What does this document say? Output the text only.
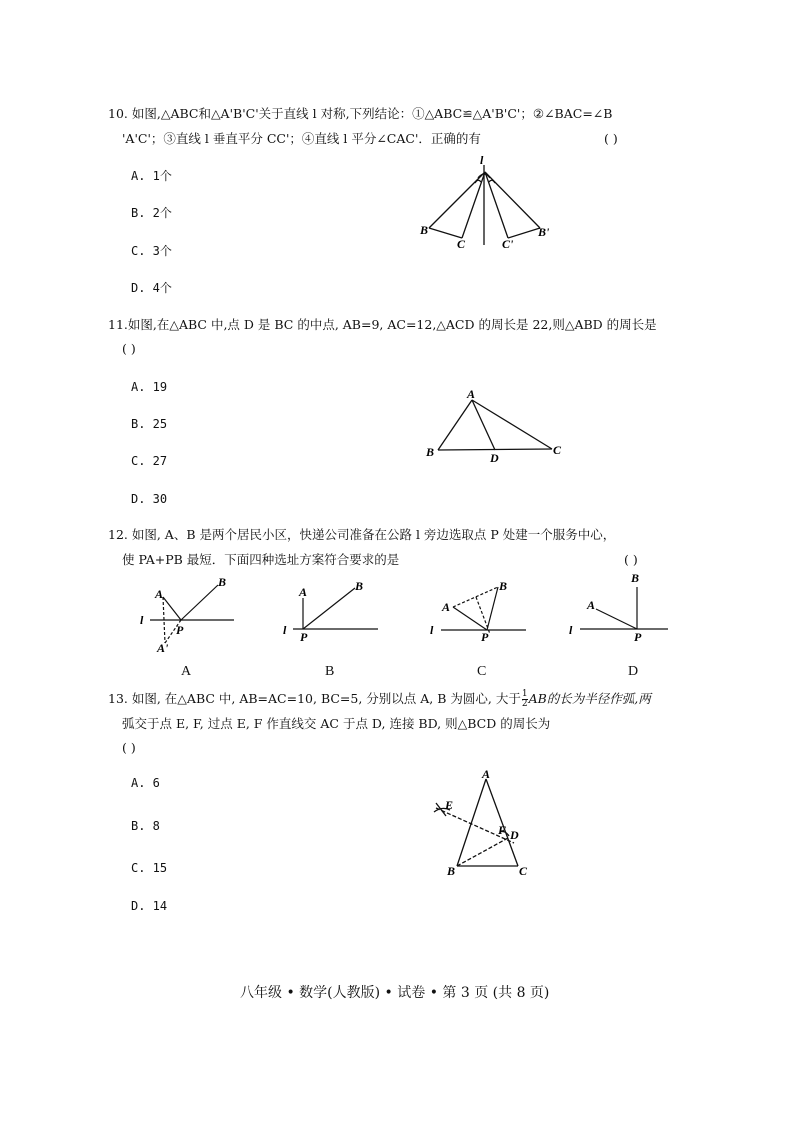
10. 如图,△ABC和△A'B'C'关于直线 l 对称,下列结论：①△ABC≌△A'B'C'；②∠BAC=∠B
'A'C'；③直线 l 垂直平分 CC'；④直线 l 平分∠CAC'．正确的有	( )
A. 1个
B. 2个
C. 3个
D. 4个
l
B
C	C'
B'
11.如图,在△ABC 中,点 D 是 BC 的中点, AB=9, AC=12,△ACD 的周长是 22,则△ABD 的周长是
( )
A. 19
B. 25
C. 27
D. 30
A
B	C
D
12. 如图, A、B 是两个居民小区，快递公司准备在公路 l 旁边选取点 P 处建一个服务中心，
使 PA+PB 最短．下面四种选址方案符合要求的是	( )
l
A
B
P
A'
l
A	B
P	l
A
B
P	l
A
B
P
A	B	C	D
13. 如图, 在△ABC 中, AB=AC=10, BC=5, 分别以点 A, B 为圆心, 大于 $\frac{1}{2}$ AB的长为半径作弧,两
弧交于点 E, F, 过点 E, F 作直线交 AC 于点 D, 连接 BD, 则△BCD 的周长为
( )
A. 6
B. 8
C. 15
D. 14
E
A
F D
B	C
八年级 • 数学(人教版) • 试卷 • 第 3 页 (共 8 页)
